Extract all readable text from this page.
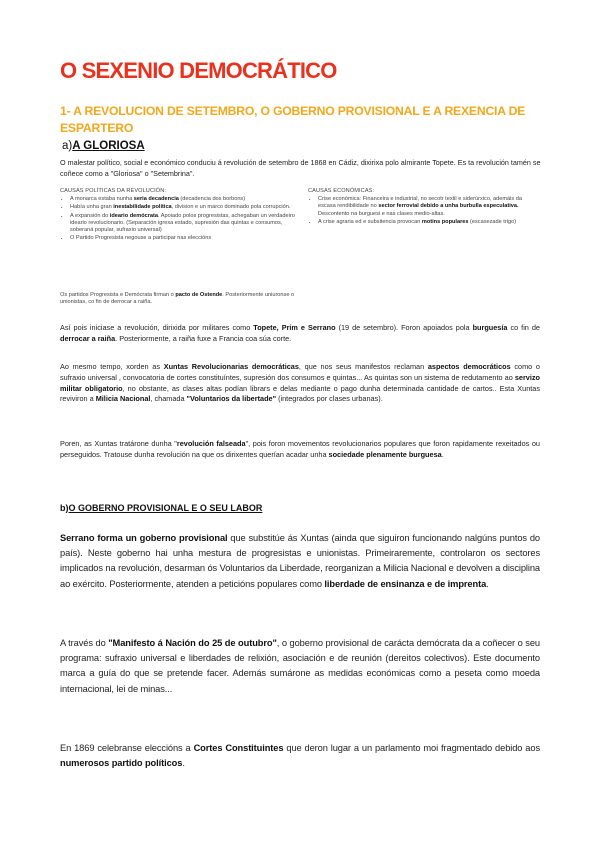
O SEXENIO DEMOCRÁTICO
1- A REVOLUCION DE SETEMBRO, O GOBERNO PROVISIONAL E A REXENCIA DE ESPARTERO
a)A GLORIOSA

O malestar político, social e económico conduciu á revolución de setembro de 1868 en Cádiz, dixirixa polo almirante Topete. Es ta revolución tamén se coñece como a "Gloriosa" o "Setembrina".

CAUSAS POLÍTICAS DA REVOLUCIÓN:
• A monarca estaba nunha seria decadencia (decadencia dos borbons)
• Había unha gran inestabilidade política, division e un marco dominado pola corrupción.
• A expansión do ideario demócrata. Apoiado polos progresistas, achegaban un verdadeiro ideario revolucionario. (Separación igrexa estado, supresión das quintas e consumos, soberaná popular, sufraxio universal)
• O Partido Progresista negouse a participar nas eleccións
CAUSAS ECONÓMICAS:
• Crise económica: Financeira e industrial, no secotr textil e siderúrxico, ademáis da escasa rendibilidade no sector ferrovial debido a unha burbulla especulativa. Descontento na burguesi e nas clases medio-altas.
• A crise agraria ed e subsitencia provocan motins populares (escasezade trigo)

Os partidos Progresista e Demócrata firman o pacto de Ostende. Posteriormente uniuronse o unionistas, co fin de derrocar a raiña.

Así pois iniciase a revolución, dirixida por militares como Topete, Prim e Serrano (19 de setembro). Foron apoiados pola burguesía co fin de derrocar a raiña. Posteriormente, a raiña fuxe a Francia coa súa corte.

Ao mesmo tempo, xorden as Xuntas Revolucionarias democráticas, que nos seus manifestos reclaman aspectos democráticos como o sufraxio universal , convocatoria de cortes constituíntes, supresión dos consumos e quintas... As quintas son un sistema de redutamento ao servizo militar obligatorio, no obstante, as clases altas podían librars e delas mediante o pago dunha determinada cantidade de cartos.. Esta Xuntas reviviron a Milicia Nacional, chamada "Voluntarios da libertade" (integrados por clases urbanas).

Poren, as Xuntas tratárone dunha "revolución falseada", pois foron movementos revolucionarios populares que foron rapidamente rexeitados ou perseguidos. Tratouse dunha revolución na que os dirixentes querían acadar unha sociedade plenamente burguesa.

b)O GOBERNO PROVISIONAL E O SEU LABOR

Serrano forma un goberno provisional que substitúe ás Xuntas (ainda que siguiron funcionando nalgúns puntos do país). Neste goberno hai unha mestura de progresistas e unionistas. Primeiraremente, controlaron os sectores implicados na revolución, desarman ós Voluntarios da Liberdade, reorganizan a Milicia Nacional e devolven a disciplina ao exército. Posteriormente, atenden a peticións populares como liberdade de ensinanza e de imprenta.

A través do "Manifesto á Nación do 25 de outubro", o goberno provisional de carácta demócrata da a coñecer o seu programa: sufraxio universal e liberdades de relixión, asociación e de reunión (dereitos colectivos). Este documento marca a guía do que se pretende facer. Además sumárone as medidas económicas como a peseta como moeda internacional, lei de minas...

En 1869 celebranse eleccións a Cortes Constituintes que deron lugar a un parlamento moi fragmentado debido aos numerosos partido políticos.
